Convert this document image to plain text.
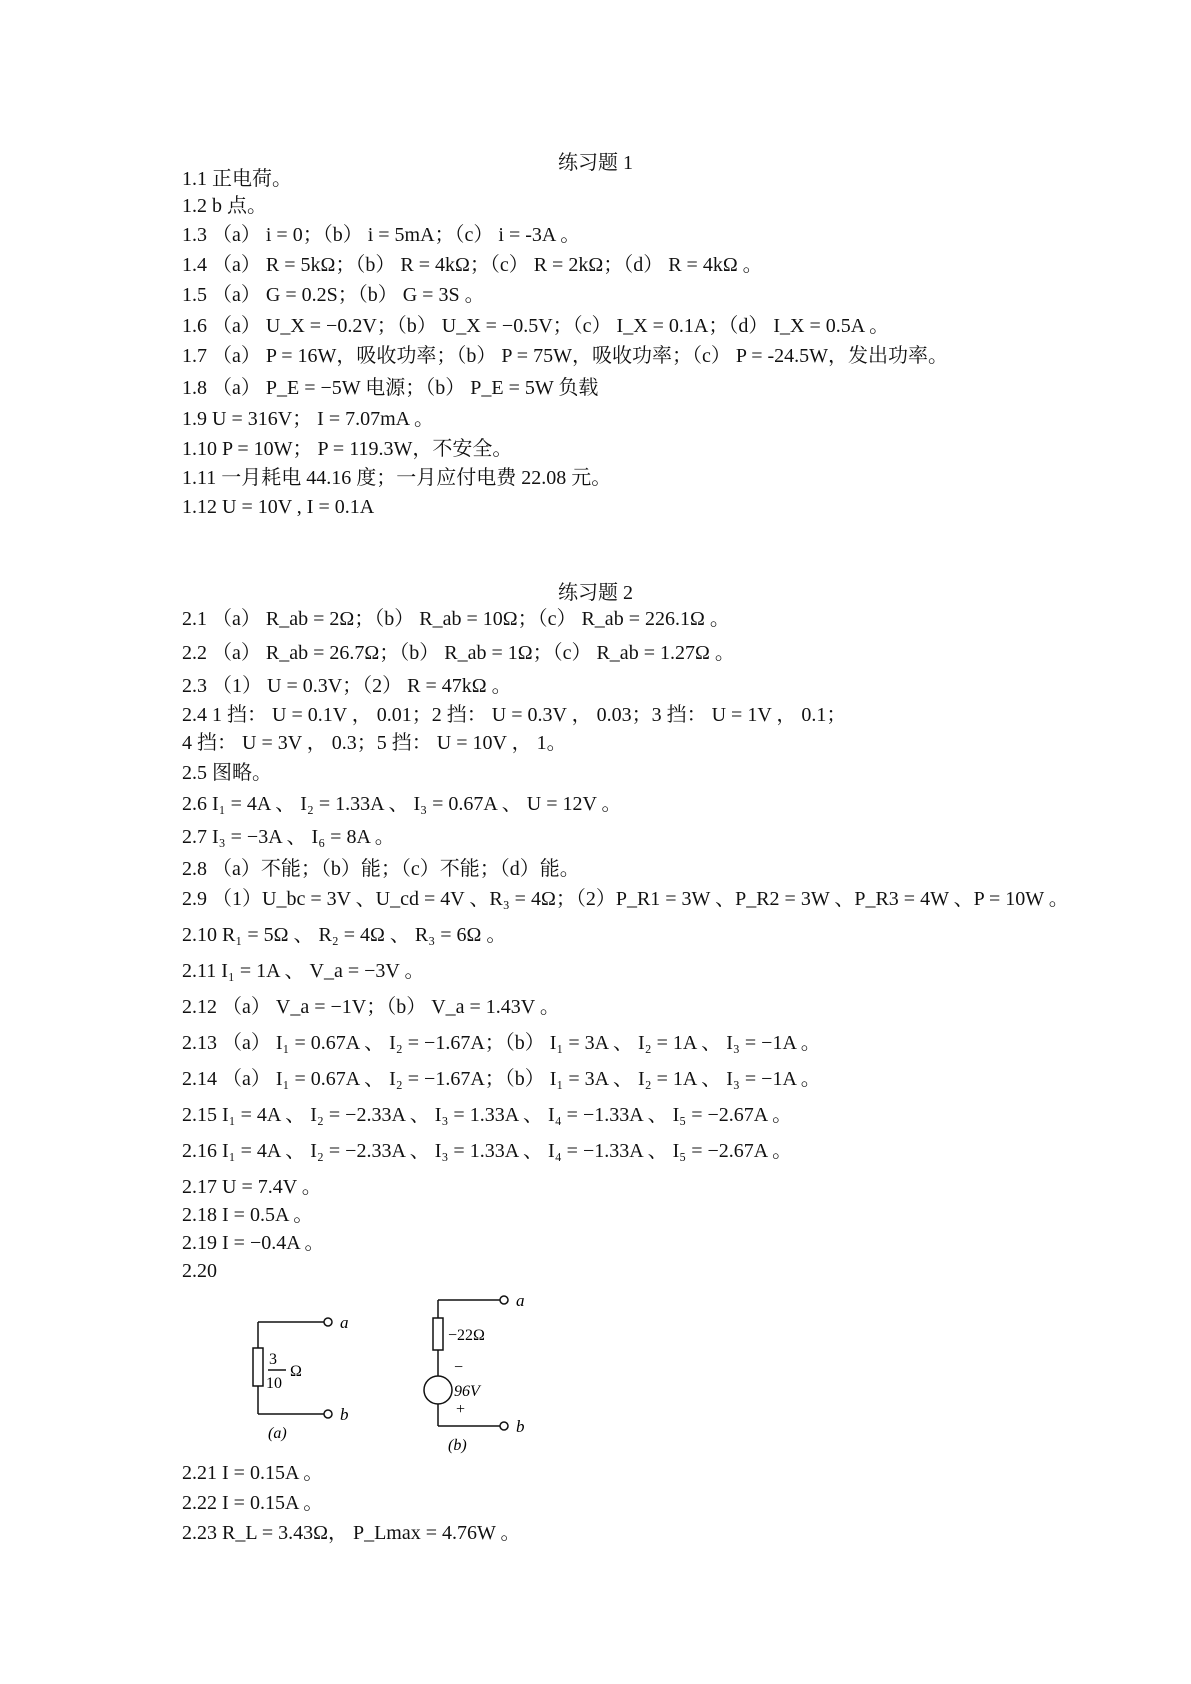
练习题 1
1.1 正电荷。
1.2 b 点。
1.3 （a） i = 0；（b） i = 5mA；（c） i = -3A 。
1.4 （a） R = 5kΩ；（b） R = 4kΩ；（c） R = 2kΩ；（d） R = 4kΩ 。
1.5 （a） G = 0.2S；（b） G = 3S 。
1.6 （a） U_X = −0.2V；（b） U_X = −0.5V；（c） I_X = 0.1A；（d） I_X = 0.5A 。
1.7 （a） P = 16W，吸收功率；（b） P = 75W，吸收功率；（c） P = -24.5W，发出功率。
1.8 （a） P_E = −5W 电源；（b） P_E = 5W 负载
1.9 U = 316V； I = 7.07mA 。
1.10 P = 10W； P = 119.3W，不安全。
1.11 一月耗电 44.16 度；一月应付电费 22.08 元。
1.12 U = 10V , I = 0.1A
练习题 2
2.1 （a） R_ab = 2Ω；（b） R_ab = 10Ω；（c） R_ab = 226.1Ω 。
2.2 （a） R_ab = 26.7Ω；（b） R_ab = 1Ω；（c） R_ab = 1.27Ω 。
2.3 （1） U = 0.3V；（2） R = 47kΩ 。
2.4 1 挡： U = 0.1V ， 0.01；2 挡： U = 0.3V ， 0.03；3 挡： U = 1V ， 0.1；
4 挡： U = 3V ， 0.3；5 挡： U = 10V ， 1。
2.5 图略。
2.6 I₁ = 4A 、 I₂ = 1.33A 、 I₃ = 0.67A 、 U = 12V 。
2.7 I₃ = −3A 、 I₆ = 8A 。
2.8 （a）不能；（b）能；（c）不能；（d）能。
2.9 （1）U_bc = 3V 、U_cd = 4V 、R₃ = 4Ω；（2）P_R1 = 3W 、P_R2 = 3W 、P_R3 = 4W 、P = 10W 。
2.10 R₁ = 5Ω 、 R₂ = 4Ω 、 R₃ = 6Ω 。
2.11 I₁ = 1A 、 V_a = −3V 。
2.12 （a） V_a = −1V；（b） V_a = 1.43V 。
2.13 （a） I₁ = 0.67A 、 I₂ = −1.67A；（b） I₁ = 3A 、 I₂ = 1A 、 I₃ = −1A 。
2.14 （a） I₁ = 0.67A 、 I₂ = −1.67A；（b） I₁ = 3A 、 I₂ = 1A 、 I₃ = −1A 。
2.15 I₁ = 4A 、 I₂ = −2.33A 、 I₃ = 1.33A 、 I₄ = −1.33A 、 I₅ = −2.67A 。
2.16 I₁ = 4A 、 I₂ = −2.33A 、 I₃ = 1.33A 、 I₄ = −1.33A 、 I₅ = −2.67A 。
2.17 U = 7.4V 。
2.18 I = 0.5A 。
2.19 I = −0.4A 。
2.20
a
b
3
10
Ω
(a)
a
b
−22Ω
−
96V
+
(b)
2.21 I = 0.15A 。
2.22 I = 0.15A 。
2.23 R_L = 3.43Ω， P_Lmax = 4.76W 。
